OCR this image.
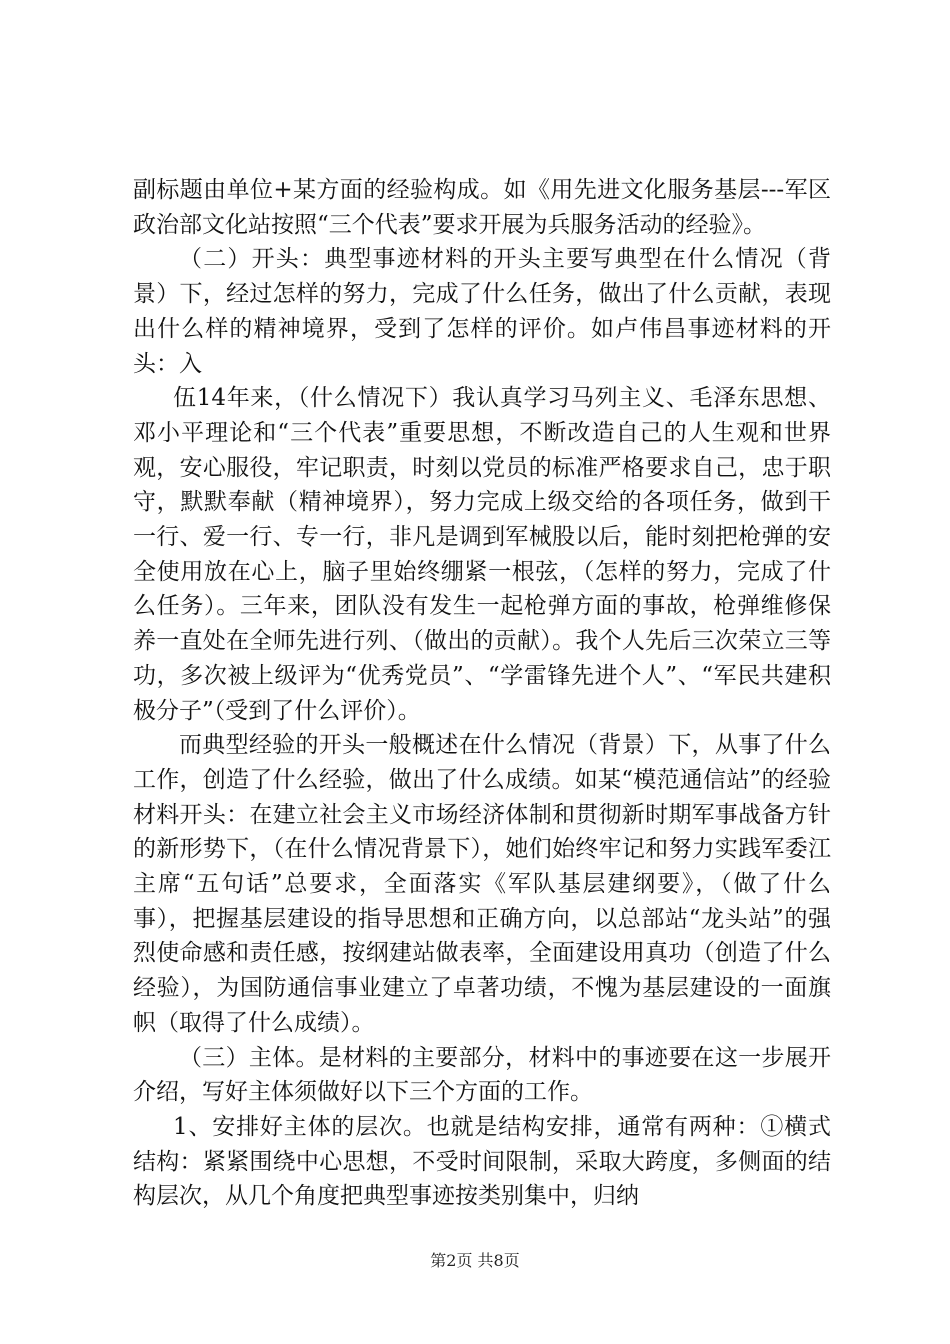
副标题由单位+某方面的经验构成。如《用先进文化服务基层---军区政治部文化站按照“三个代表”要求开展为兵服务活动的经验》。

（二）开头：典型事迹材料的开头主要写典型在什么情况（背景）下，经过怎样的努力，完成了什么任务，做出了什么贡献，表现出什么样的精神境界，受到了怎样的评价。如卢伟昌事迹材料的开头：入

伍14年来，（什么情况下）我认真学习马列主义、毛泽东思想、邓小平理论和“三个代表”重要思想，不断改造自己的人生观和世界观，安心服役，牢记职责，时刻以党员的标准严格要求自己，忠于职守，默默奉献（精神境界），努力完成上级交给的各项任务，做到干一行、爱一行、专一行，非凡是调到军械股以后，能时刻把枪弹的安全使用放在心上，脑子里始终绷紧一根弦，（怎样的努力，完成了什么任务）。三年来，团队没有发生一起枪弹方面的事故，枪弹维修保养一直处在全师先进行列、（做出的贡献）。我个人先后三次荣立三等功，多次被上级评为“优秀党员”、“学雷锋先进个人”、“军民共建积极分子”（受到了什么评价）。

而典型经验的开头一般概述在什么情况（背景）下，从事了什么工作，创造了什么经验，做出了什么成绩。如某“模范通信站”的经验材料开头：在建立社会主义市场经济体制和贯彻新时期军事战备方针的新形势下，（在什么情况背景下），她们始终牢记和努力实践军委江主席“五句话”总要求，全面落实《军队基层建纲要》，（做了什么事），把握基层建设的指导思想和正确方向，以总部站“龙头站”的强烈使命感和责任感，按纲建站做表率，全面建设用真功（创造了什么经验），为国防通信事业建立了卓著功绩，不愧为基层建设的一面旗帜（取得了什么成绩）。

（三）主体。是材料的主要部分，材料中的事迹要在这一步展开介绍，写好主体须做好以下三个方面的工作。

1、安排好主体的层次。也就是结构安排，通常有两种：①横式结构：紧紧围绕中心思想，不受时间限制，采取大跨度，多侧面的结构层次，从几个角度把典型事迹按类别集中，归纳

第2页 共8页
